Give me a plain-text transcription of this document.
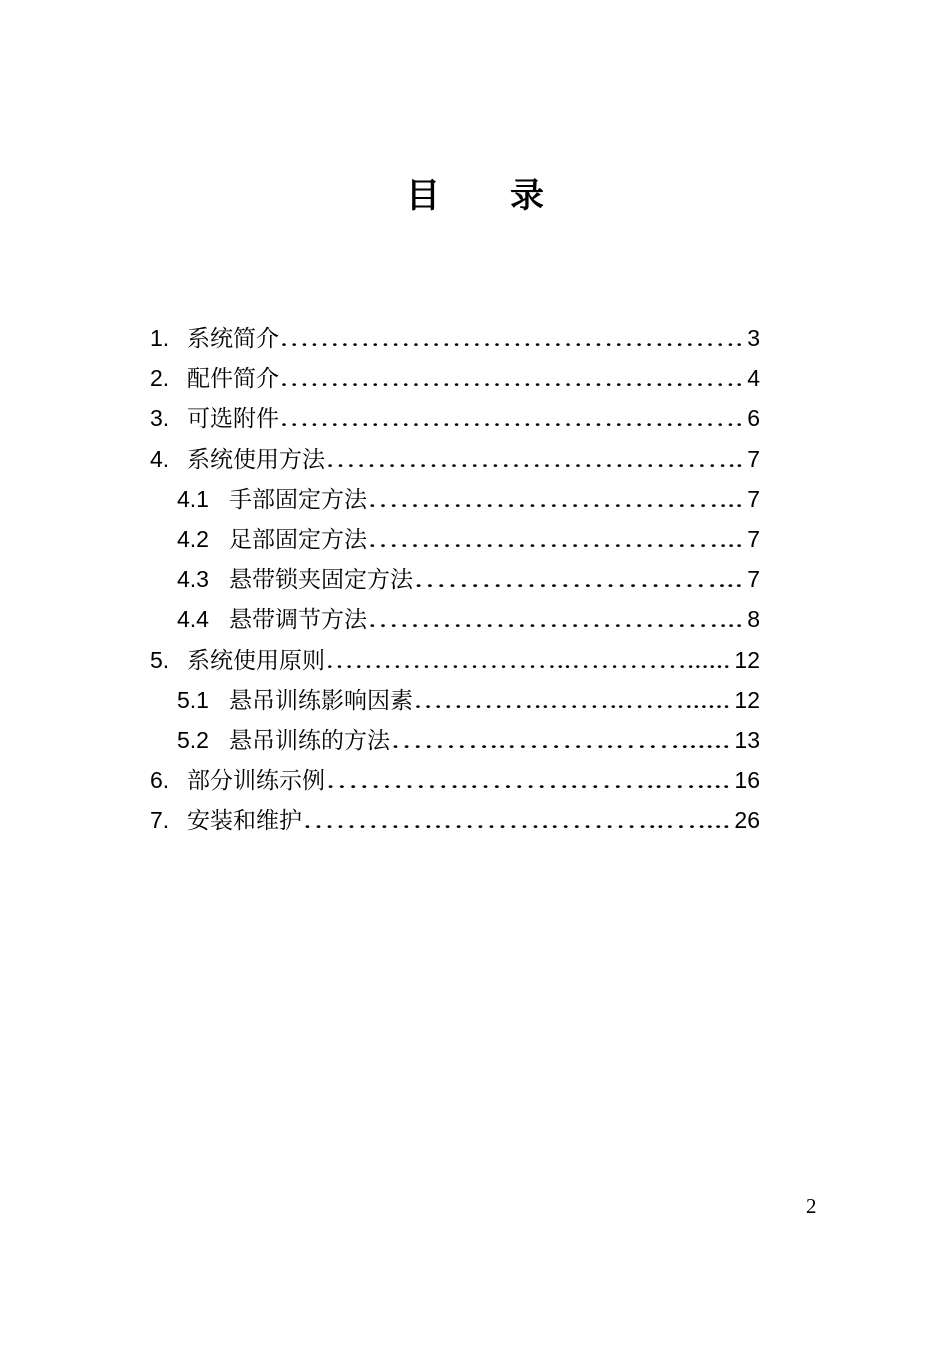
目 录
1. 系统简介………………………………………. 3
2. 配件简介………………………………………. 4
3. 可选附件………………………………………. 6
4. 系统使用方法………………………………….. 7
4.1 手部固定方法……………………………... 7
4.2 足部固定方法……………………………... 7
4.3 悬带锁夹固定方法………………………... 7
4.4 悬带调节方法……………………………... 8
5. 系统使用原则……………………..…………...... 12
5.1 悬吊训练影响因素…………..……..……...... 12
5.2 悬吊训练的方法………..……….……...... 13
6. 部分训练示例………….……….……..….... 16
7. 安装和维护………….……….………..….... 26
2
